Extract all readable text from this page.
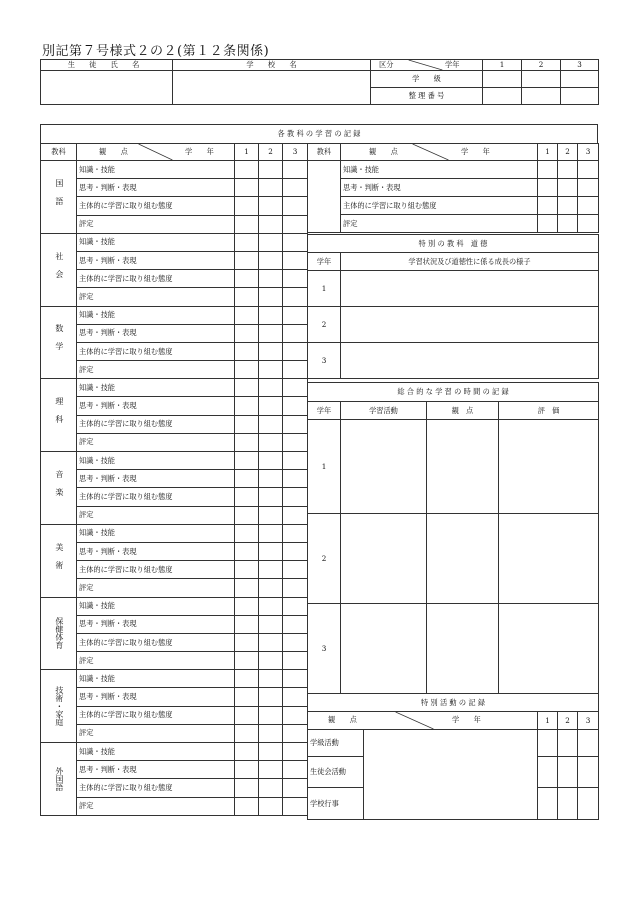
別記第７号様式２の２(第１２条関係)
生 徒 氏 名	学　　校　　名	区分 学年	1	2	3
		学　　級			
		整 理 番 号			
各 教 科 の 学 習 の 記 録
教科	観　　点	学　　年	1	2	3
国語	知識・技能			
	思考・判断・表現			
	主体的に学習に取り組む態度			
	評定			
社会	知識・技能			
	思考・判断・表現			
	主体的に学習に取り組む態度			
	評定			
数学	知識・技能			
	思考・判断・表現			
	主体的に学習に取り組む態度			
	評定			
理科	知識・技能			
	思考・判断・表現			
	主体的に学習に取り組む態度			
	評定			
音楽	知識・技能			
	思考・判断・表現			
	主体的に学習に取り組む態度			
	評定			
美術	知識・技能			
	思考・判断・表現			
	主体的に学習に取り組む態度			
	評定			
保健体育	知識・技能			
	思考・判断・表現			
	主体的に学習に取り組む態度			
	評定			
技術・家庭	知識・技能			
	思考・判断・表現			
	主体的に学習に取り組む態度			
	評定			
外国語	知識・技能			
	思考・判断・表現			
	主体的に学習に取り組む態度			
	評定			
教科	観　　点 学　　年	1	2	3
	知識・技能			
	思考・判断・表現			
	主体的に学習に取り組む態度			
	評定			
特 別 の 教 科　道 徳	
学年	学習状況及び道徳性に係る成長の様子
1	
2	
3	
総 合 的 な 学 習 の 時 間 の 記 録			
学年	学習活動	観　点	評　価
1			
2			
3			
特 別 活 動 の 記 録				

観　　点 学　　年		1	2	3
学級活動				
生徒会活動				
学校行事				
